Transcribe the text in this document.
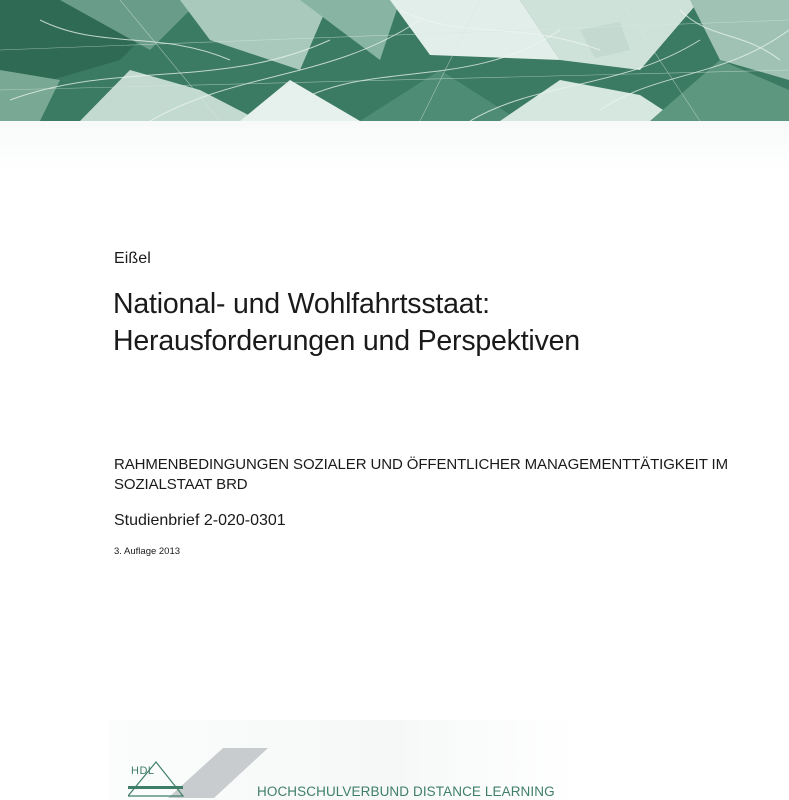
Eißel
National- und Wohlfahrtsstaat:
Herausforderungen und Perspektiven
RAHMENBEDINGUNGEN SOZIALER UND ÖFFENTLICHER MANAGEMENTTÄTIGKEIT IM
SOZIALSTAAT BRD
Studienbrief 2-020-0301
3. Auflage 2013
HDL
HOCHSCHULVERBUND DISTANCE LEARNING
